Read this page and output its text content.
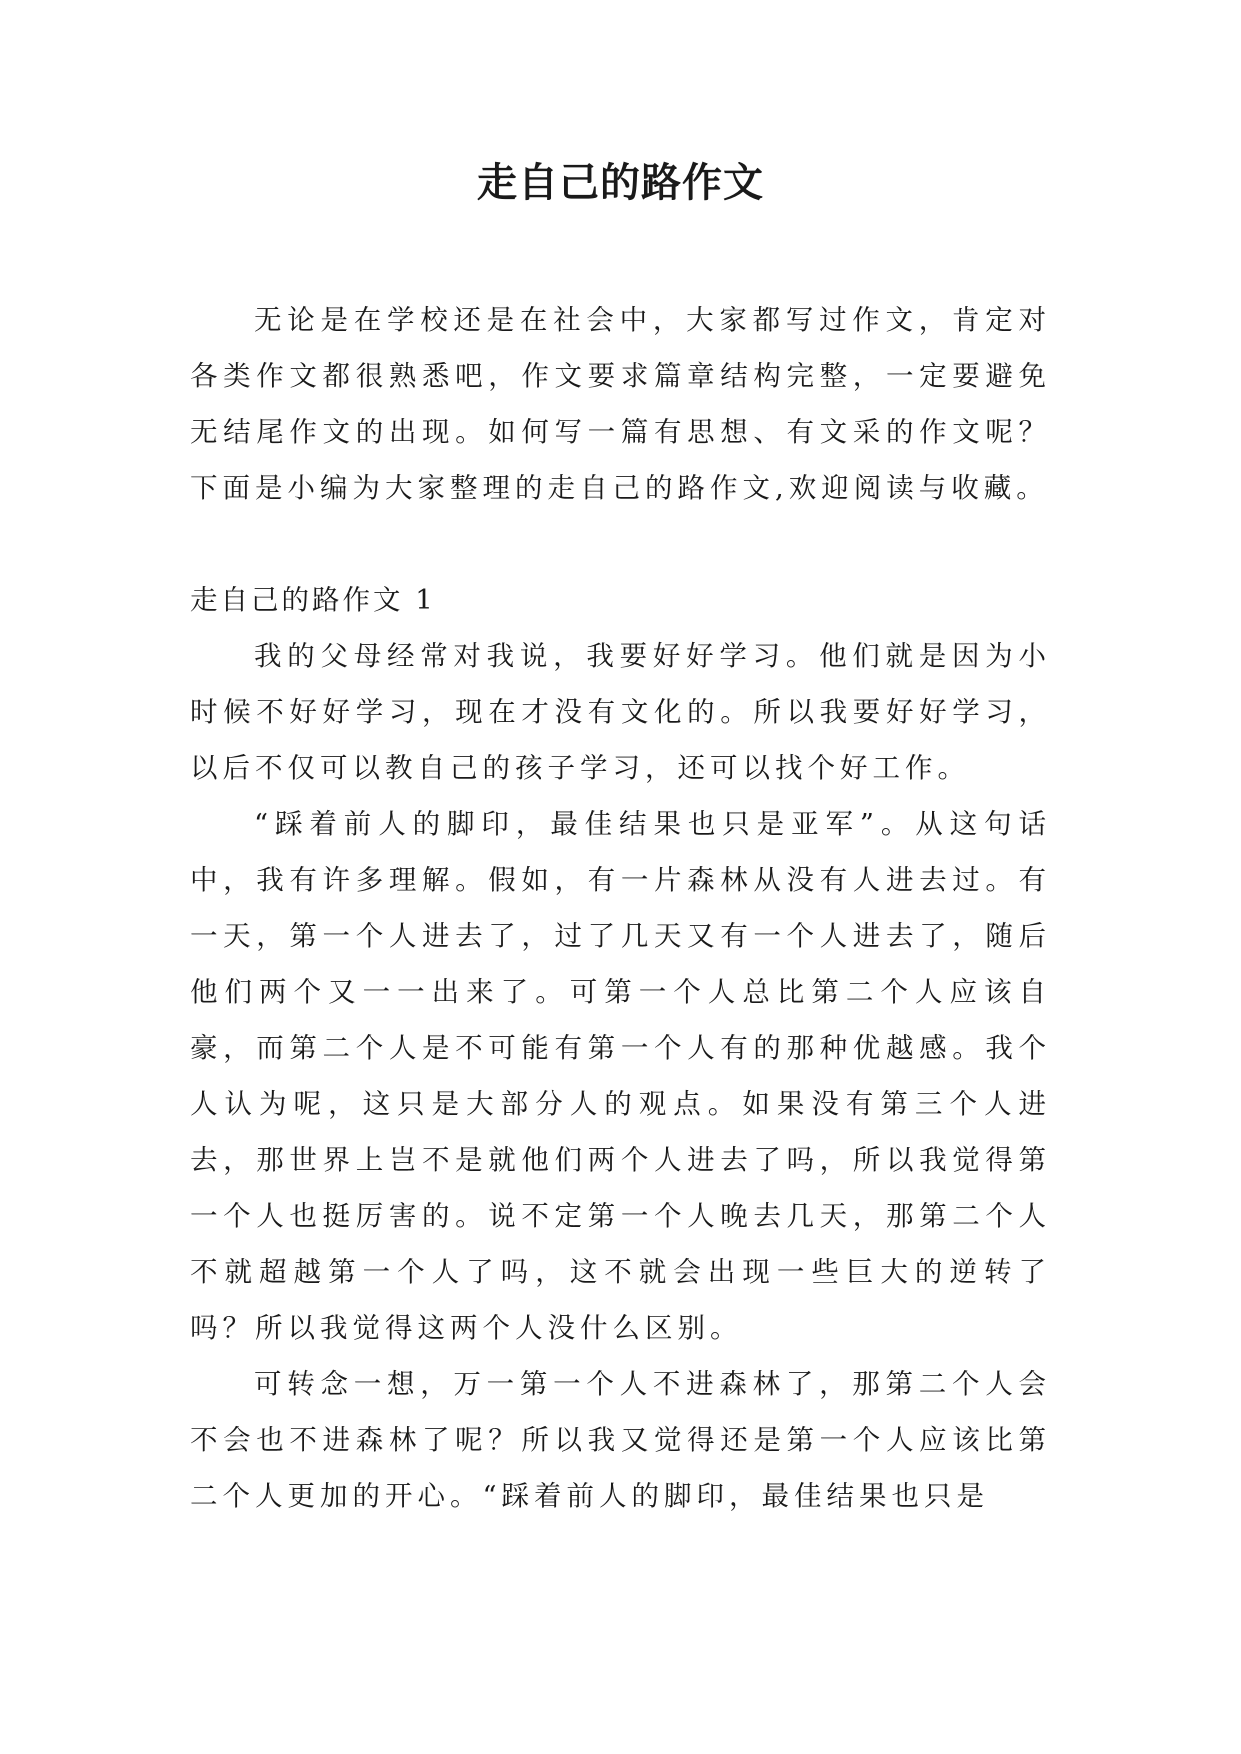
走自己的路作文

无论是在学校还是在社会中，大家都写过作文，肯定对各类作文都很熟悉吧，作文要求篇章结构完整，一定要避免无结尾作文的出现。如何写一篇有思想、有文采的作文呢？下面是小编为大家整理的走自己的路作文,欢迎阅读与收藏。

走自己的路作文 1

我的父母经常对我说，我要好好学习。他们就是因为小时候不好好学习，现在才没有文化的。所以我要好好学习，以后不仅可以教自己的孩子学习，还可以找个好工作。

“踩着前人的脚印，最佳结果也只是亚军”。从这句话中，我有许多理解。假如，有一片森林从没有人进去过。有一天，第一个人进去了，过了几天又有一个人进去了，随后他们两个又一一出来了。可第一个人总比第二个人应该自豪，而第二个人是不可能有第一个人有的那种优越感。我个人认为呢，这只是大部分人的观点。如果没有第三个人进去，那世界上岂不是就他们两个人进去了吗，所以我觉得第一个人也挺厉害的。说不定第一个人晚去几天，那第二个人不就超越第一个人了吗，这不就会出现一些巨大的逆转了吗？所以我觉得这两个人没什么区别。

可转念一想，万一第一个人不进森林了，那第二个人会不会也不进森林了呢？所以我又觉得还是第一个人应该比第二个人更加的开心。“踩着前人的脚印，最佳结果也只是
